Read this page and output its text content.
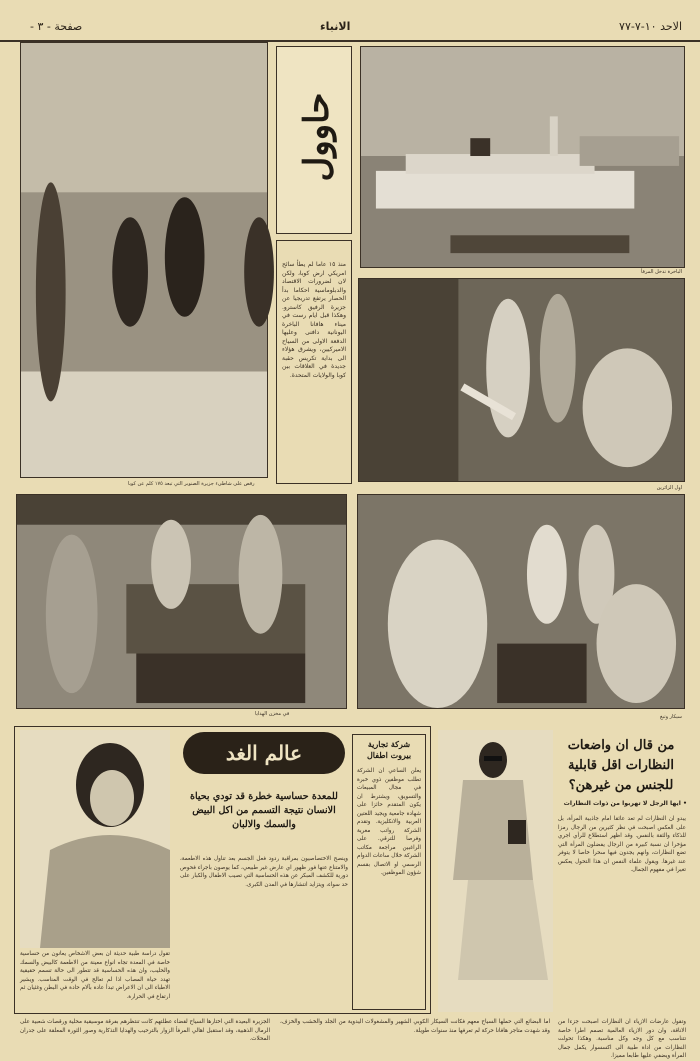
الاحد ١٠-٧-٧٧
الانباء
صفحة - ٣ -
الباخرة تدخل المرفأ
حاوول
منذ ١٥ عاما لم يطأ سائح امريكي ارض كوبا، ولكن لان لضرورات الاقتصاد والدبلوماسية احكاما بدأ الحصار يرتفع تدريجيا عن جزيرة الرفيق كاسترو. وهكذا قبل ايام رست في ميناء هافانا الباخرة اليونانية دافنى وعليها الدفعة الاولى من السياح الاميركيين، ويشرق هؤلاء الى بداية تكريس حقبة جديدة في العلاقات بين كوبا والولايات المتحدة.
رقص على شاطىء جزيرة الصنوبر التي تبعد ١٧٥ كلم عن كوبا
اول الزائرين
في مخزن الهدايا	سيكار وتبغ
تقول دراسة طبية حديثة ان بعض الاشخاص يعانون من حساسية خاصة في المعدة تجاه انواع معينة من الاطعمة كالبيض والسمك والحليب، وان هذه الحساسية قد تتطور الى حالة تسمم حقيقية تهدد حياة المصاب اذا لم تعالج في الوقت المناسب. ويشير الاطباء الى ان الاعراض تبدأ عادة بآلام حادة في البطن وغثيان ثم ارتفاع في الحرارة.
عالم الغد
للمعدة حساسية خطرة قد تودي بحياة الانسان نتيجة التسمم من اكل البيض والسمك والالبان
وينصح الاختصاصيون بمراقبة ردود فعل الجسم بعد تناول هذه الاطعمة، والامتناع عنها فور ظهور اي عارض غير طبيعي، كما يوصون باجراء فحوص دورية للكشف المبكر عن هذه الحساسية التي تصيب الاطفال والكبار على حد سواء، ويتزايد انتشارها في المدن الكبرى.
شركة تجارية بيروت اطفال
يعلن الساعي ان الشركة تطلب موظفين ذوي خبرة في مجال المبيعات والتسويق، ويشترط ان يكون المتقدم حائزا على شهادة جامعية ويجيد اللغتين العربية والانكليزية. وتقدم الشركة رواتب مغرية وفرصا للترقي. على الراغبين مراجعة مكاتب الشركة خلال ساعات الدوام الرسمي او الاتصال بقسم شؤون الموظفين.
من قال ان واضعات
النظارات اقل قابلية
للجنس من غيرهن؟
• ايها الرجل لا تهربوا من ذوات النظارات
يبدو ان النظارات لم تعد عائقا امام جاذبية المرأة، بل على العكس اصبحت في نظر كثيرين من الرجال رمزا للذكاء والثقة بالنفس. وقد اظهر استطلاع للرأي اجري مؤخرا ان نسبة كبيرة من الرجال يفضلون المرأة التي تضع النظارات، وانهم يجدون فيها سحرا خاصا لا يتوفر عند غيرها. ويقول علماء النفس ان هذا التحول يعكس تغيرا في مفهوم الجمال.
وتقول عارضات الازياء ان النظارات اصبحت جزءا من الاناقة، وان دور الازياء العالمية تصمم اطرا خاصة تتناسب مع كل وجه وكل مناسبة. وهكذا تحولت النظارات من اداة طبية الى اكسسوار يكمل جمال المرأة ويضفي عليها طابعا مميزا.
الجزيرة البعيدة التي اختارها السياح لقضاء عطلتهم كانت تنتظرهم بفرقة موسيقية محلية ورقصات شعبية على الرمال الذهبية، وقد استقبل اهالي المرفأ الزوار بالترحيب والهدايا التذكارية وصور الثورة المعلقة على جدران المحلات.
اما البضائع التي حملها السياح معهم فكانت السيكار الكوبي الشهير والمشغولات اليدوية من الجلد والخشب والخزف، وقد شهدت متاجر هافانا حركة لم تعرفها منذ سنوات طويلة.
